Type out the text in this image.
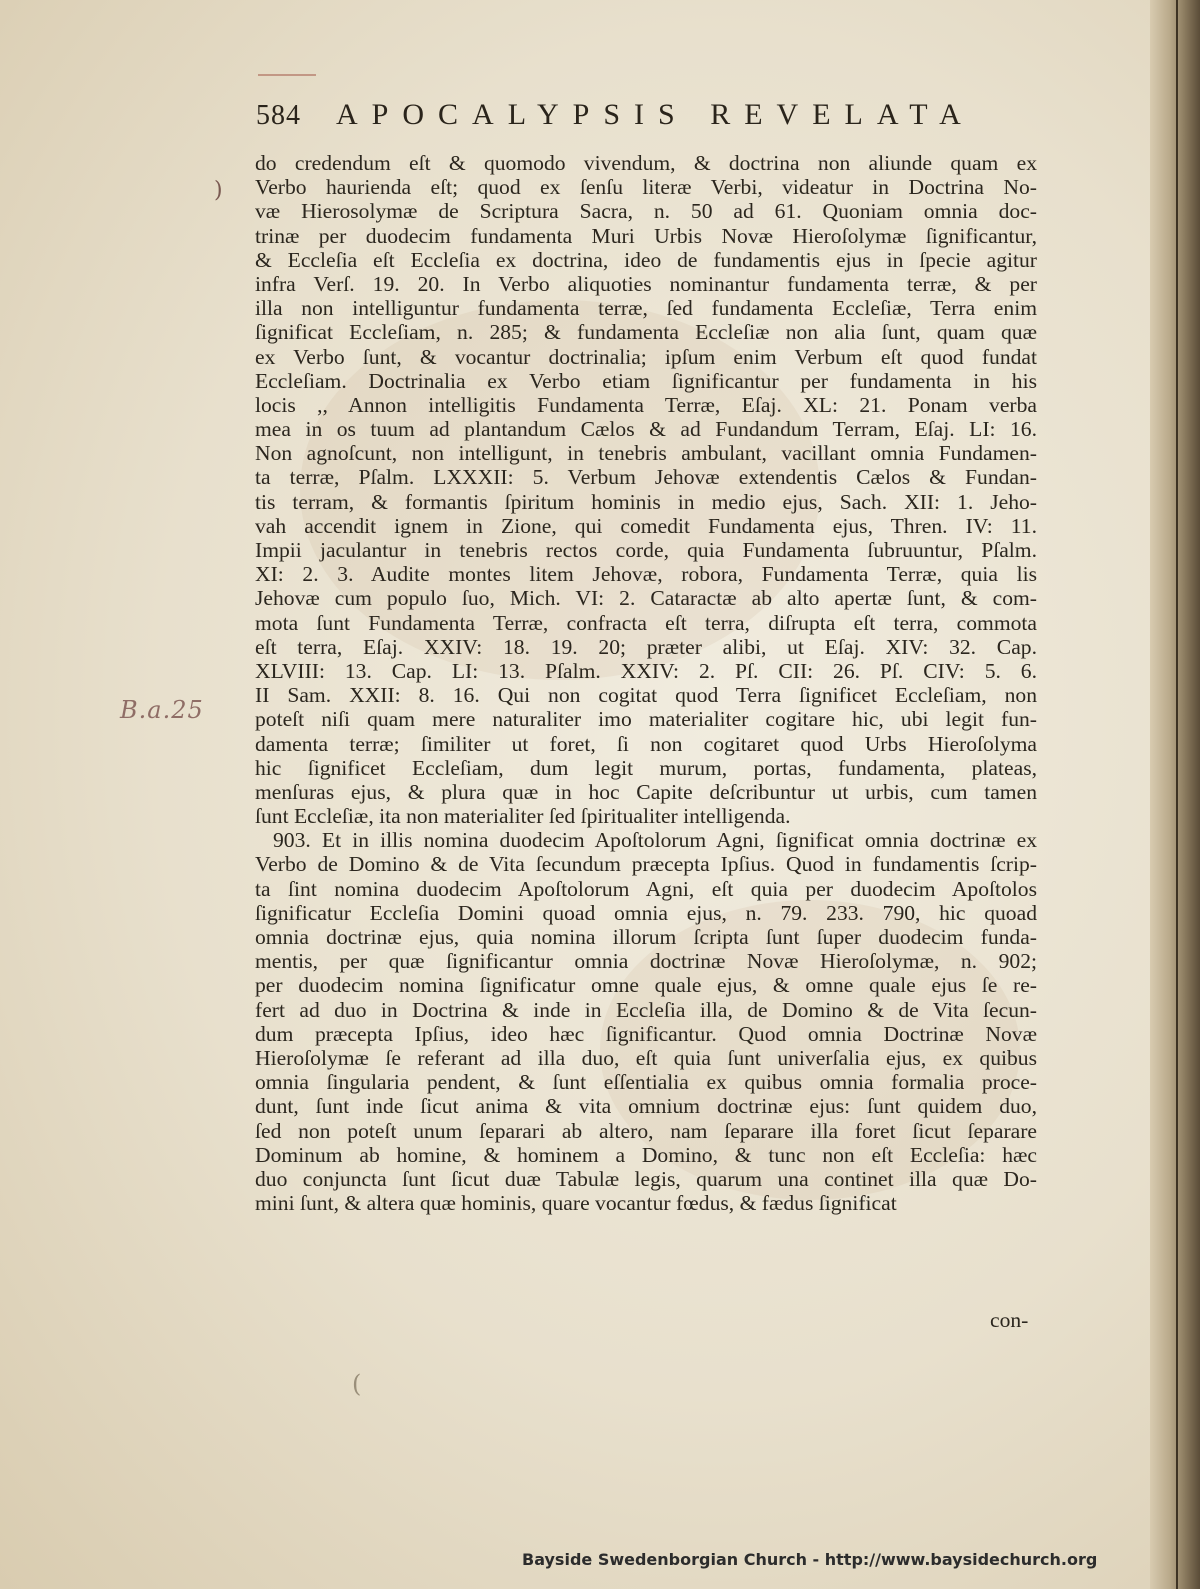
584 APOCALYPSIS REVELATA
)
B.a.25
do credendum eſt & quomodo vivendum, & doctrina non aliunde quam ex
Verbo haurienda eſt; quod ex ſenſu literæ Verbi, videatur in Doctrina No-
væ Hierosolymæ de Scriptura Sacra, n. 50 ad 61. Quoniam omnia doc-
trinæ per duodecim fundamenta Muri Urbis Novæ Hieroſolymæ ſignificantur,
& Eccleſia eſt Eccleſia ex doctrina, ideo de fundamentis ejus in ſpecie agitur
infra Verſ. 19. 20. In Verbo aliquoties nominantur fundamenta terræ, & per
illa non intelliguntur fundamenta terræ, ſed fundamenta Eccleſiæ, Terra enim
ſignificat Eccleſiam, n. 285; & fundamenta Eccleſiæ non alia ſunt, quam quæ
ex Verbo ſunt, & vocantur doctrinalia; ipſum enim Verbum eſt quod fundat
Eccleſiam. Doctrinalia ex Verbo etiam ſignificantur per fundamenta in his
locis ,, Annon intelligitis Fundamenta Terræ, Eſaj. XL: 21. Ponam verba
mea in os tuum ad plantandum Cælos & ad Fundandum Terram, Eſaj. LI: 16.
Non agnoſcunt, non intelligunt, in tenebris ambulant, vacillant omnia Fundamen-
ta terræ, Pſalm. LXXXII: 5. Verbum Jehovæ extendentis Cælos & Fundan-
tis terram, & formantis ſpiritum hominis in medio ejus, Sach. XII: 1. Jeho-
vah accendit ignem in Zione, qui comedit Fundamenta ejus, Thren. IV: 11.
Impii jaculantur in tenebris rectos corde, quia Fundamenta ſubruuntur, Pſalm.
XI: 2. 3. Audite montes litem Jehovæ, robora, Fundamenta Terræ, quia lis
Jehovæ cum populo ſuo, Mich. VI: 2. Cataractæ ab alto apertæ ſunt, & com-
mota ſunt Fundamenta Terræ, confracta eſt terra, diſrupta eſt terra, commota
eſt terra, Eſaj. XXIV: 18. 19. 20; præter alibi, ut Eſaj. XIV: 32. Cap.
XLVIII: 13. Cap. LI: 13. Pſalm. XXIV: 2. Pſ. CII: 26. Pſ. CIV: 5. 6.
II Sam. XXII: 8. 16. Qui non cogitat quod Terra ſignificet Eccleſiam, non
poteſt niſi quam mere naturaliter imo materialiter cogitare hic, ubi legit fun-
damenta terræ; ſimiliter ut foret, ſi non cogitaret quod Urbs Hieroſolyma
hic ſignificet Eccleſiam, dum legit murum, portas, fundamenta, plateas,
menſuras ejus, & plura quæ in hoc Capite deſcribuntur ut urbis, cum tamen
ſunt Eccleſiæ, ita non materialiter ſed ſpiritualiter intelligenda.
903. Et in illis nomina duodecim Apoſtolorum Agni, ſignificat omnia doctrinæ ex
Verbo de Domino & de Vita ſecundum præcepta Ipſius. Quod in fundamentis ſcrip-
ta ſint nomina duodecim Apoſtolorum Agni, eſt quia per duodecim Apoſtolos
ſignificatur Eccleſia Domini quoad omnia ejus, n. 79. 233. 790, hic quoad
omnia doctrinæ ejus, quia nomina illorum ſcripta ſunt ſuper duodecim funda-
mentis, per quæ ſignificantur omnia doctrinæ Novæ Hieroſolymæ, n. 902;
per duodecim nomina ſignificatur omne quale ejus, & omne quale ejus ſe re-
fert ad duo in Doctrina & inde in Eccleſia illa, de Domino & de Vita ſecun-
dum præcepta Ipſius, ideo hæc ſignificantur. Quod omnia Doctrinæ Novæ
Hieroſolymæ ſe referant ad illa duo, eſt quia ſunt univerſalia ejus, ex quibus
omnia ſingularia pendent, & ſunt eſſentialia ex quibus omnia formalia proce-
dunt, ſunt inde ſicut anima & vita omnium doctrinæ ejus: ſunt quidem duo,
ſed non poteſt unum ſeparari ab altero, nam ſeparare illa foret ſicut ſeparare
Dominum ab homine, & hominem a Domino, & tunc non eſt Eccleſia: hæc
duo conjuncta ſunt ſicut duæ Tabulæ legis, quarum una continet illa quæ Do-
mini ſunt, & altera quæ hominis, quare vocantur fœdus, & fædus ſignificat
con-
(
Bayside Swedenborgian Church - http://www.baysidechurch.org
